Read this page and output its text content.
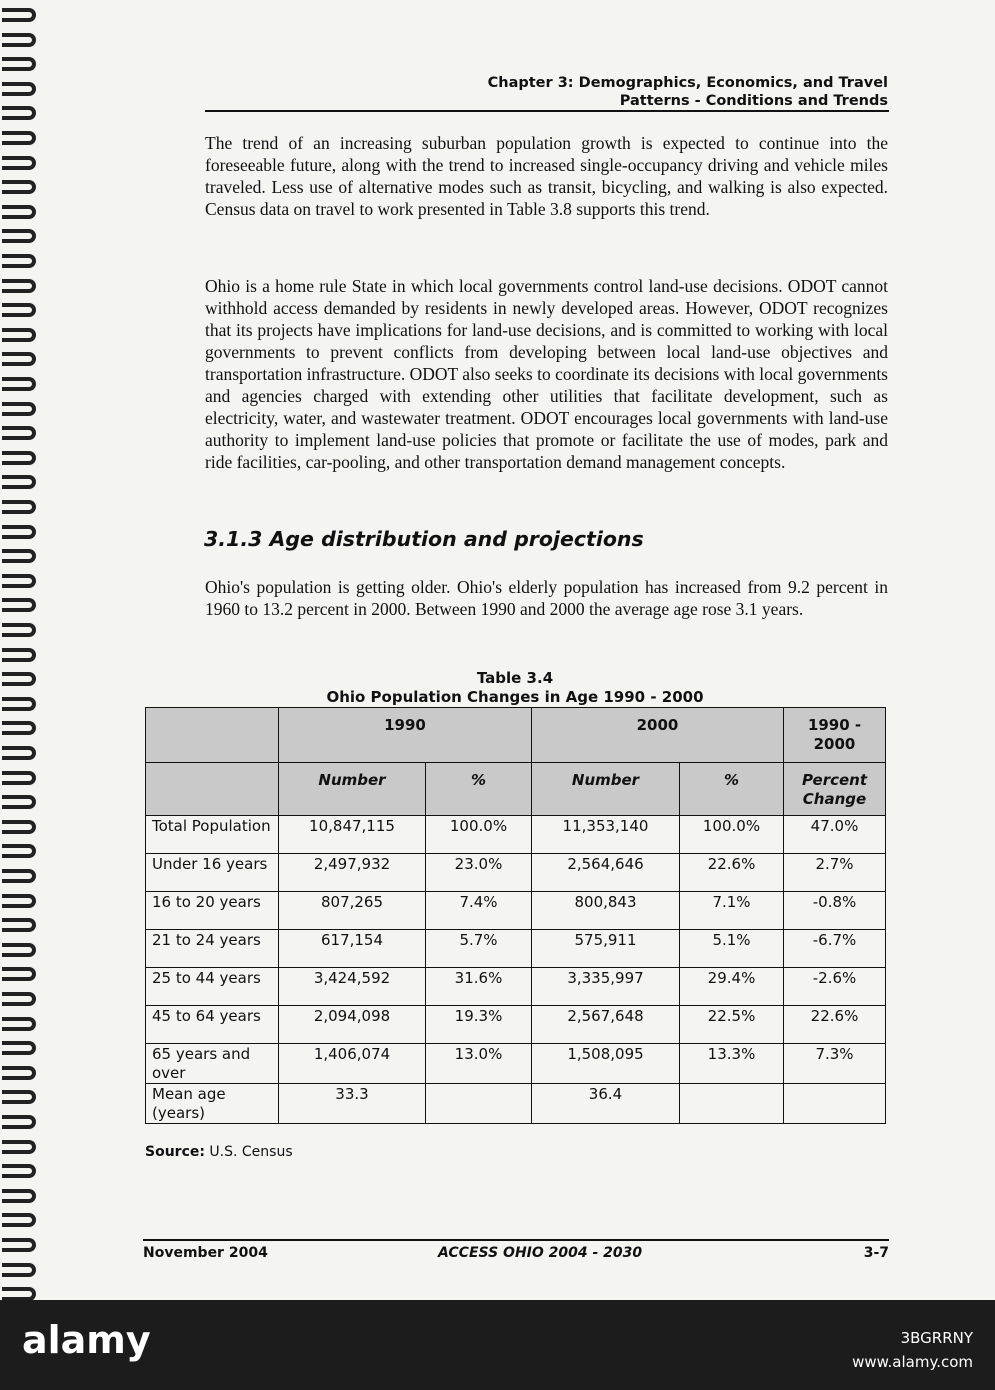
Chapter 3: Demographics, Economics, and Travel
Patterns - Conditions and Trends
The trend of an increasing suburban population growth is expected to continue into the foreseeable future, along with the trend to increased single-occupancy driving and vehicle miles traveled. Less use of alternative modes such as transit, bicycling, and walking is also expected. Census data on travel to work presented in Table 3.8 supports this trend.
Ohio is a home rule State in which local governments control land-use decisions. ODOT cannot withhold access demanded by residents in newly developed areas. However, ODOT recognizes that its projects have implications for land-use decisions, and is committed to working with local governments to prevent conflicts from developing between local land-use objectives and transportation infrastructure. ODOT also seeks to coordinate its decisions with local governments and agencies charged with extending other utilities that facilitate development, such as electricity, water, and wastewater treatment. ODOT encourages local governments with land-use authority to implement land-use policies that promote or facilitate the use of modes, park and ride facilities, car-pooling, and other transportation demand management concepts.
3.1.3 Age distribution and projections
Ohio's population is getting older. Ohio's elderly population has increased from 9.2 percent in 1960 to 13.2 percent in 2000. Between 1990 and 2000 the average age rose 3.1 years.
Table 3.4
Ohio Population Changes in Age 1990 - 2000
	1990		2000		1990 - 2000
	Number	%	Number	%	Percent Change
Total Population	10,847,115	100.0%	11,353,140	100.0%	47.0%
Under 16 years	2,497,932	23.0%	2,564,646	22.6%	2.7%
16 to 20 years	807,265	7.4%	800,843	7.1%	-0.8%
21 to 24 years	617,154	5.7%	575,911	5.1%	-6.7%
25 to 44 years	3,424,592	31.6%	3,335,997	29.4%	-2.6%
45 to 64 years	2,094,098	19.3%	2,567,648	22.5%	22.6%
65 years and over	1,406,074	13.0%	1,508,095	13.3%	7.3%
Mean age (years)	33.3		36.4		
Source: U.S. Census
November 2004	ACCESS OHIO 2004 - 2030	3-7
alamy	3BGRRNY
www.alamy.com
